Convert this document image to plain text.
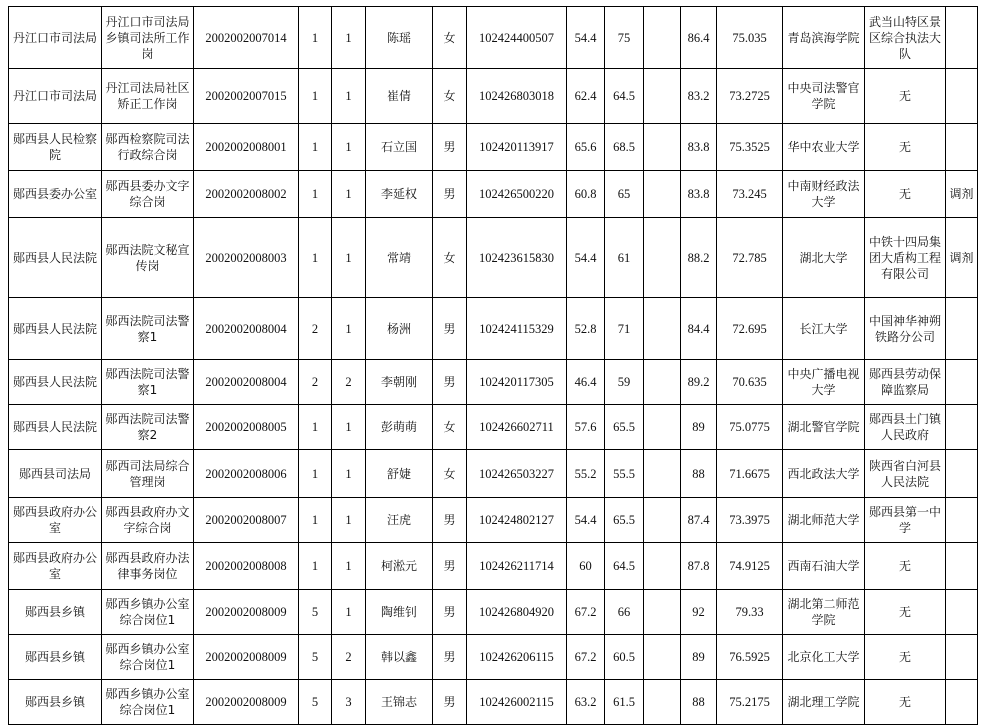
丹江口市司法局	丹江口市司法局乡镇司法所工作岗	2002002007014	1	1	陈瑶	女	102424400507	54.4	75		86.4	75.035	青岛滨海学院	武当山特区景区综合执法大队	
丹江口市司法局	丹江司法局社区矫正工作岗	2002002007015	1	1	崔倩	女	102426803018	62.4	64.5		83.2	73.2725	中央司法警官学院	无	
郧西县人民检察院	郧西检察院司法行政综合岗	2002002008001	1	1	石立国	男	102420113917	65.6	68.5		83.8	75.3525	华中农业大学	无	
郧西县委办公室	郧西县委办文字综合岗	2002002008002	1	1	李延权	男	102426500220	60.8	65		83.8	73.245	中南财经政法大学	无	调剂
郧西县人民法院	郧西法院文秘宣传岗	2002002008003	1	1	常靖	女	102423615830	54.4	61		88.2	72.785	湖北大学	中铁十四局集团大盾构工程有限公司	调剂
郧西县人民法院	郧西法院司法警察1	2002002008004	2	1	杨洲	男	102424115329	52.8	71		84.4	72.695	长江大学	中国神华神朔铁路分公司	
郧西县人民法院	郧西法院司法警察1	2002002008004	2	2	李朝刚	男	102420117305	46.4	59		89.2	70.635	中央广播电视大学	郧西县劳动保障监察局	
郧西县人民法院	郧西法院司法警察2	2002002008005	1	1	彭萌萌	女	102426602711	57.6	65.5		89	75.0775	湖北警官学院	郧西县土门镇人民政府	
郧西县司法局	郧西司法局综合管理岗	2002002008006	1	1	舒婕	女	102426503227	55.2	55.5		88	71.6675	西北政法大学	陕西省白河县人民法院	
郧西县政府办公室	郧西县政府办文字综合岗	2002002008007	1	1	汪虎	男	102424802127	54.4	65.5		87.4	73.3975	湖北师范大学	郧西县第一中学	
郧西县政府办公室	郧西县政府办法律事务岗位	2002002008008	1	1	柯淞元	男	102426211714	60	64.5		87.8	74.9125	西南石油大学	无	
郧西县乡镇	郧西乡镇办公室综合岗位1	2002002008009	5	1	陶维钊	男	102426804920	67.2	66		92	79.33	湖北第二师范学院	无	
郧西县乡镇	郧西乡镇办公室综合岗位1	2002002008009	5	2	韩以鑫	男	102426206115	67.2	60.5		89	76.5925	北京化工大学	无	
郧西县乡镇	郧西乡镇办公室综合岗位1	2002002008009	5	3	王锦志	男	102426002115	63.2	61.5		88	75.2175	湖北理工学院	无	
